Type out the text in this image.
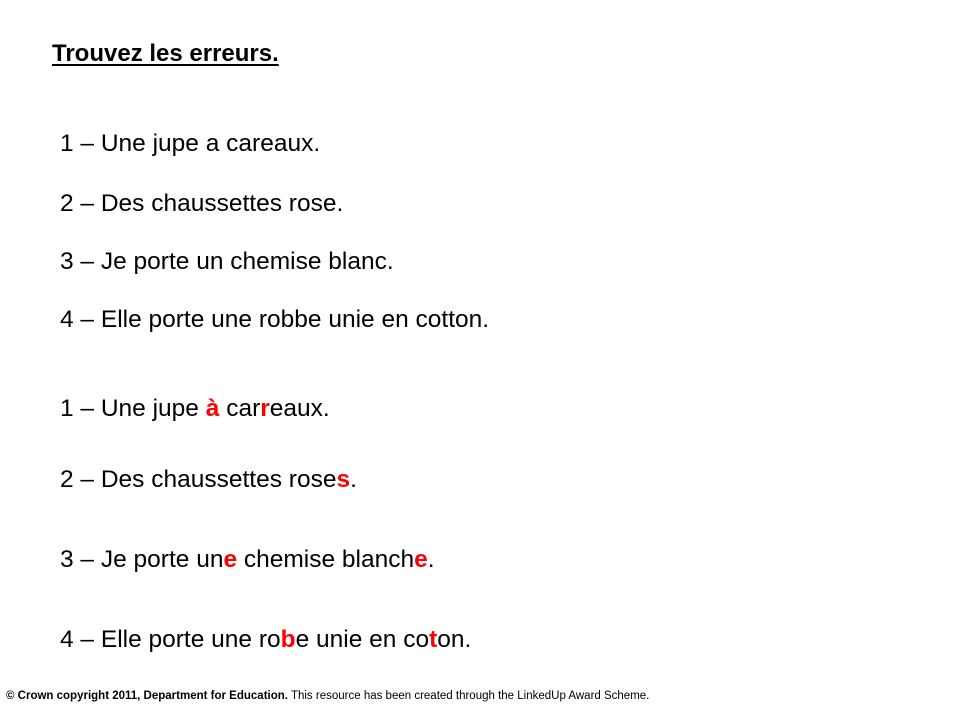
Trouvez les erreurs.
1 – Une jupe a careaux.
2 – Des chaussettes rose.
3 – Je porte un chemise blanc.
4 – Elle porte une robbe unie en cotton.
1 – Une jupe à carreaux.
2 – Des chaussettes roses.
3 – Je porte une chemise blanche.
4 – Elle porte une robe unie en coton.
© Crown copyright 2011, Department for Education. This resource has been created through the LinkedUp Award Scheme.
